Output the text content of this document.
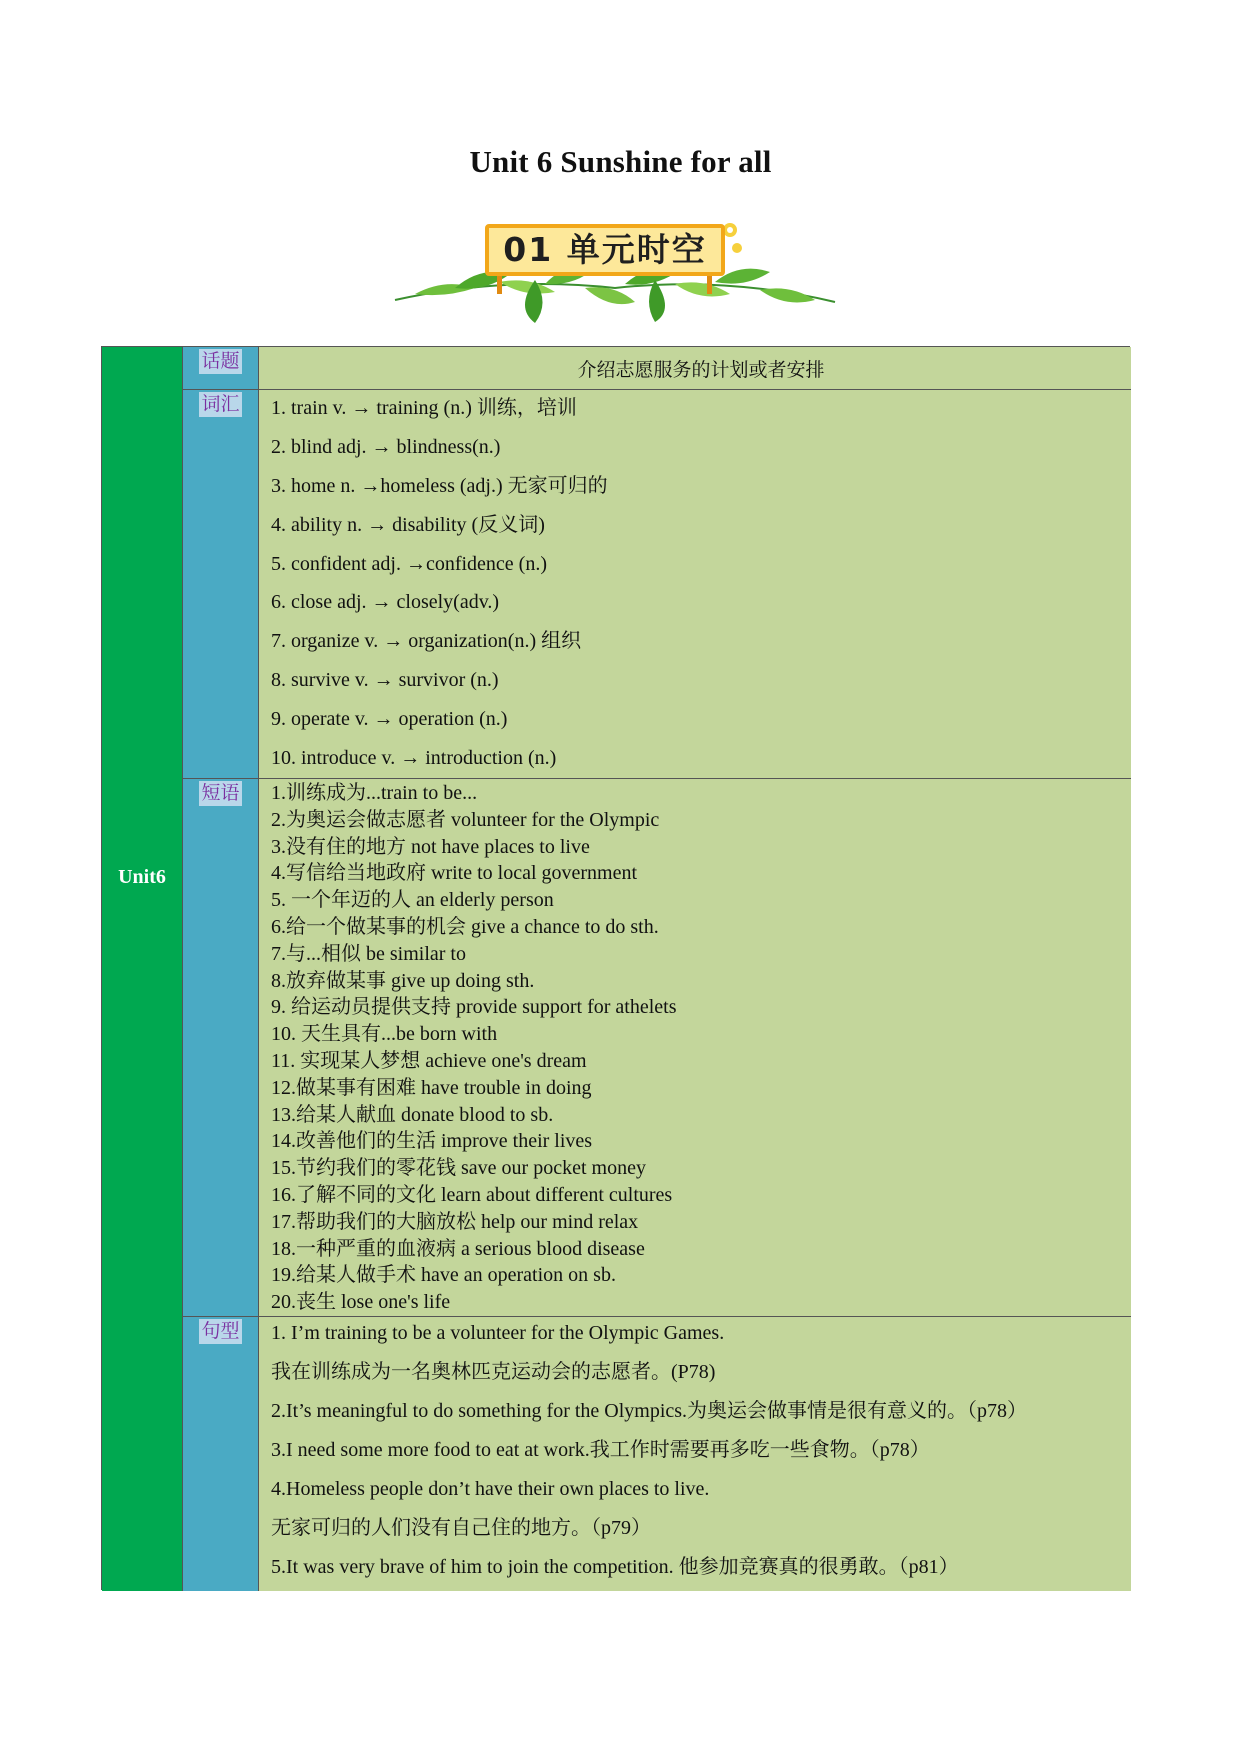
Unit 6 Sunshine for all
01 单元时空
Unit6
话题	介绍志愿服务的计划或者安排
词汇	1. train v. → training (n.) 训练，培训
2. blind adj. → blindness(n.)
3. home n. →homeless (adj.) 无家可归的
4. ability n. → disability (反义词)
5. confident adj. →confidence (n.)
6. close adj. → closely(adv.)
7. organize v. → organization(n.) 组织
8. survive v. → survivor (n.)
9. operate v. → operation (n.)
10. introduce v. → introduction (n.)
短语	1.训练成为...train to be...
2.为奥运会做志愿者 volunteer for the Olympic
3.没有住的地方 not have places to live
4.写信给当地政府 write to local government
5. 一个年迈的人 an elderly person
6.给一个做某事的机会 give a chance to do sth.
7.与...相似 be similar to
8.放弃做某事 give up doing sth.
9. 给运动员提供支持 provide support for athelets
10. 天生具有...be born with
11. 实现某人梦想 achieve one's dream
12.做某事有困难 have trouble in doing
13.给某人献血 donate blood to sb.
14.改善他们的生活 improve their lives
15.节约我们的零花钱 save our pocket money
16.了解不同的文化 learn about different cultures
17.帮助我们的大脑放松 help our mind relax
18.一种严重的血液病 a serious blood disease
19.给某人做手术 have an operation on sb.
20.丧生 lose one's life
句型	1. I’m training to be a volunteer for the Olympic Games.
我在训练成为一名奥林匹克运动会的志愿者。(P78)
2.It’s meaningful to do something for the Olympics.为奥运会做事情是很有意义的。（p78）
3.I need some more food to eat at work.我工作时需要再多吃一些食物。（p78）
4.Homeless people don’t have their own places to live.
无家可归的人们没有自己住的地方。（p79）
5.It was very brave of him to join the competition. 他参加竞赛真的很勇敢。（p81）
